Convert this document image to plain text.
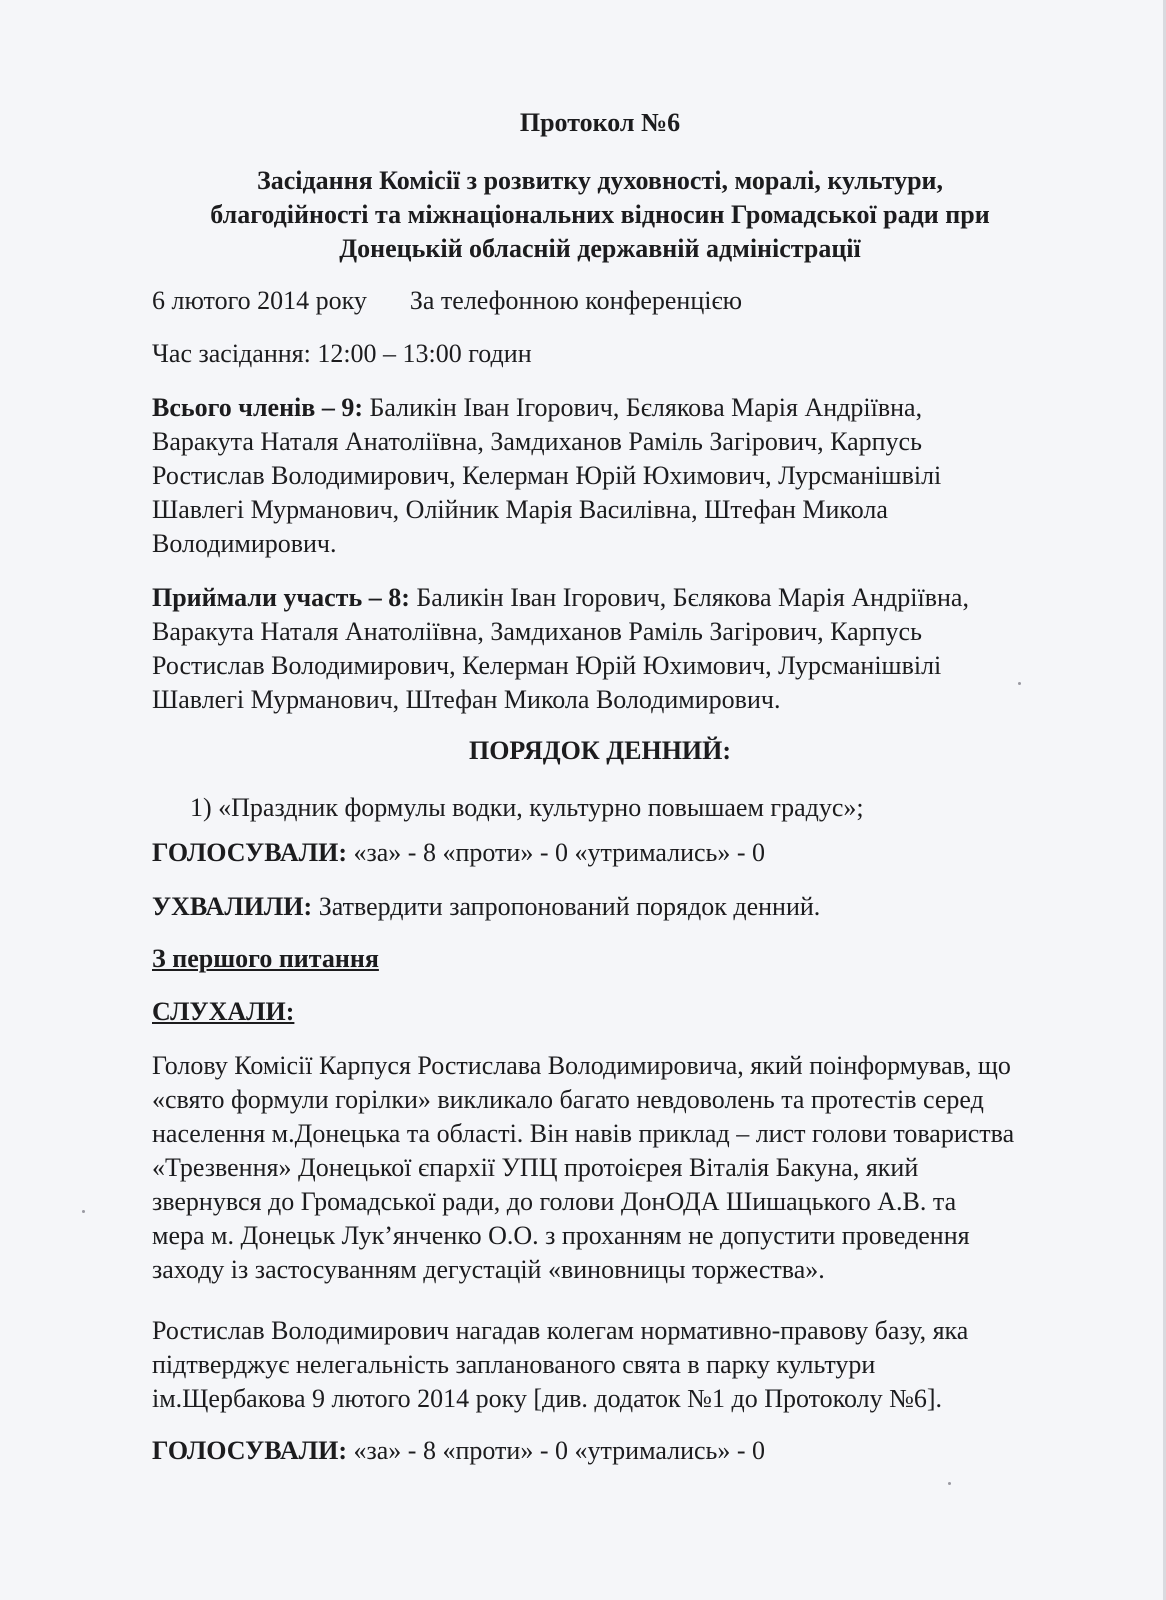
Протокол №6

Засідання Комісії з розвитку духовності, моралі, культури,

благодійності та міжнаціональних відносин Громадської ради при

Донецькій обласній державній адміністрації

6 лютого 2014 року За телефонною конференцією

Час засідання: 12:00 – 13:00 годин

Всього членів – 9: Баликін Іван Ігорович, Бєлякова Марія Андріївна,
Варакута Наталя Анатоліївна, Замдиханов Раміль Загірович, Карпусь
Ростислав Володимирович, Келерман Юрій Юхимович, Лурсманішвілі
Шавлегі Мурманович, Олійник Марія Василівна, Штефан Микола
Володимирович.
Приймали участь – 8: Баликін Іван Ігорович, Бєлякова Марія Андріївна,
Варакута Наталя Анатоліївна, Замдиханов Раміль Загірович, Карпусь
Ростислав Володимирович, Келерман Юрій Юхимович, Лурсманішвілі
Шавлегі Мурманович, Штефан Микола Володимирович.

ПОРЯДОК ДЕННИЙ:

1) «Праздник формулы водки, культурно повышаем градус»;

ГОЛОСУВАЛИ: «за» - 8 «проти» - 0 «утримались» - 0

УХВАЛИЛИ: Затвердити запропонований порядок денний.

З першого питання

СЛУХАЛИ:

Голову Комісії Карпуся Ростислава Володимировича, який поінформував, що
«свято формули горілки» викликало багато невдоволень та протестів серед
населення м.Донецька та області. Він навів приклад – лист голови товариства
«Трезвення» Донецької єпархії УПЦ протоієрея Віталія Бакуна, який
звернувся до Громадської ради, до голови ДонОДА Шишацького А.В. та
мера м. Донецьк Лук’янченко О.О. з проханням не допустити проведення
заходу із застосуванням дегустацій «виновницы торжества».
Ростислав Володимирович нагадав колегам нормативно-правову базу, яка
підтверджує нелегальність запланованого свята в парку культури
ім.Щербакова 9 лютого 2014 року [див. додаток №1 до Протоколу №6].

ГОЛОСУВАЛИ: «за» - 8 «проти» - 0 «утримались» - 0
